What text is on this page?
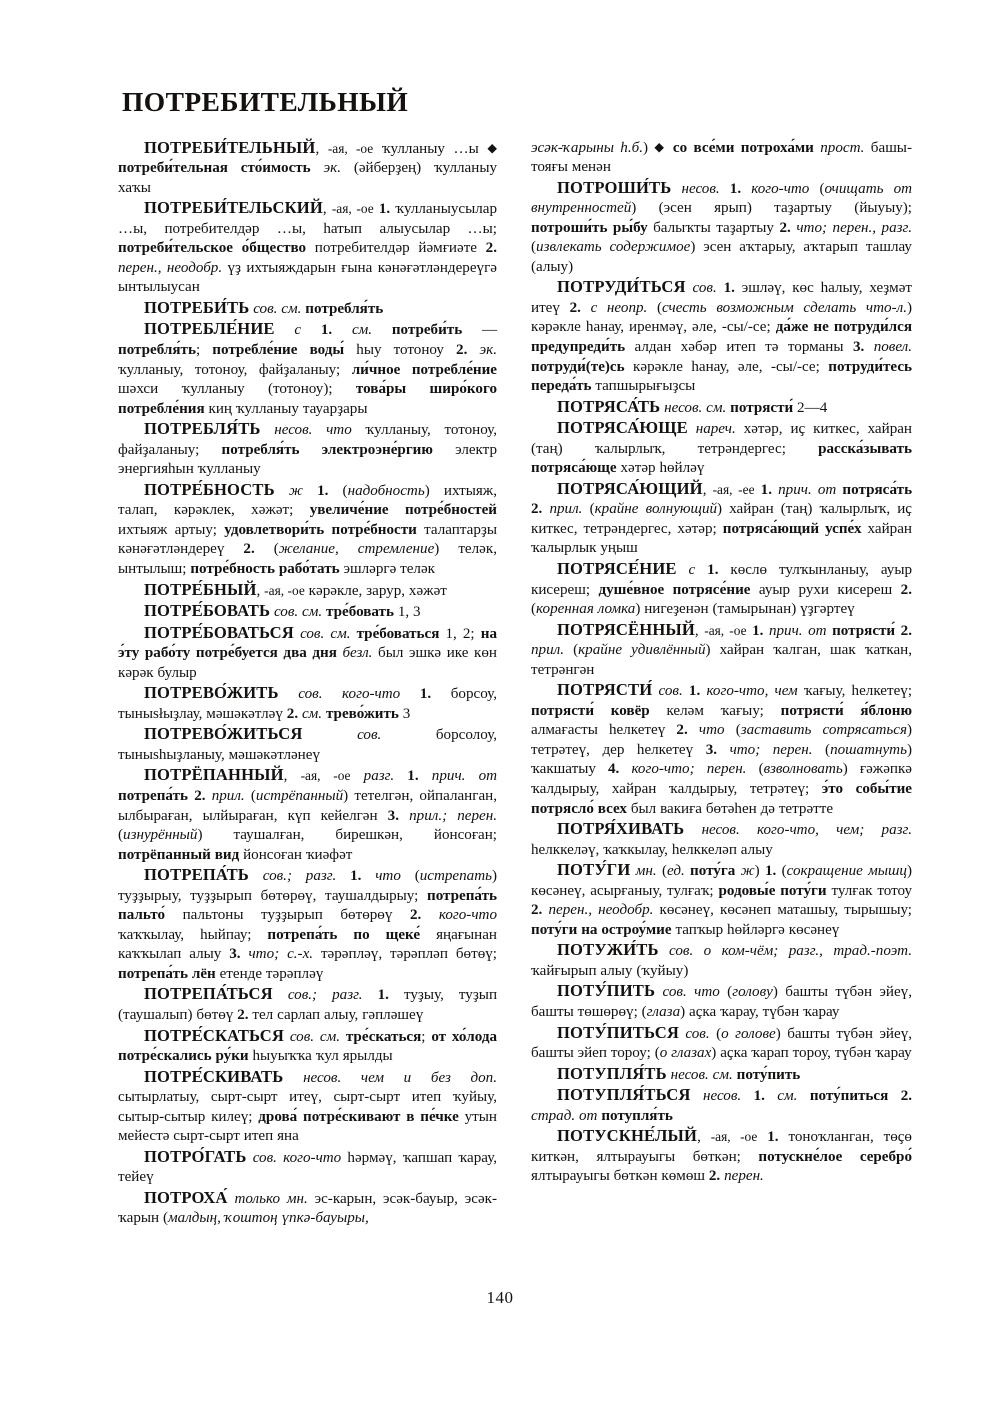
ПОТРЕБИТЕЛЬНЫЙ

ПОТРЕБИ́ТЕЛЬНЫЙ, -ая, -ое ҡулланыу …ы ◆ потреби́тельная сто́имость эк. (әйберҙең) ҡулланыу хаҡы

ПОТРЕБИ́ТЕЛЬСКИЙ, -ая, -ое 1. ҡулланыусылар …ы, потребителдәр …ы, һатып алыусылар …ы; потреби́тельское о́бщество потребителдәр йәмғиәте 2. перен., неодобр. үҙ ихтыяждарын ғына кәнәғәтләндереүгә ынтылыусан

ПОТРЕБИ́ТЬ сов. см. потребля́ть

ПОТРЕБЛЕ́НИЕ с 1. см. потреби́ть — потребля́ть; потребле́ние воды́ һыу тотоноу 2. эк. ҡулланыу, тотоноу, файҙаланыу; ли́чное потребле́ние шәхси ҡулланыу (тотоноу); това́ры широ́кого потребле́ния киң ҡулланыу тауарҙары

ПОТРЕБЛЯ́ТЬ несов. что ҡулланыу, тотоноу, файҙаланыу; потребля́ть электроэне́ргию электр энергияһын ҡулланыу

ПОТРЕ́БНОСТЬ ж 1. (надобность) ихтыяж, талап, кәрәклек, хәжәт; увеличе́ние потре́бностей ихтыяж артыу; удовлетвори́ть потре́бности талаптарҙы кәнәғәтләндереү 2. (желание, стремление) теләк, ынтылыш; потре́бность рабо́тать эшләргә теләк

ПОТРЕ́БНЫЙ, -ая, -ое кәрәкле, зарур, хәжәт

ПОТРЕ́БОВАТЬ сов. см. тре́бовать 1, 3

ПОТРЕ́БОВАТЬСЯ сов. см. тре́боваться 1, 2; на э́ту рабо́ту потре́буется два дня безл. был эшкә ике көн кәрәк булыр

ПОТРЕВО́ЖИТЬ сов. кого-что 1. борсоу, тыныsłыҙлау, мәшәкәтләү 2. см. трево́жить 3

ПОТРЕВО́ЖИТЬСЯ	сов. борсолоу, тыныshыҙланыу, мәшәкәтләнеү

ПОТРЁПАННЫЙ, -ая, -ое разг. 1. прич. от потрепа́ть 2. прил. (истрёпанный) тетелгән, ойпаланган, ылбыраған, ылйыраған, күп кейелгән 3. прил.; перен. (изнурённый) таушалған, бирешкән, йонсоған; потрёпанный вид йонсоған ҡиәфәт

ПОТРЕПА́ТЬ сов.; разг. 1. что (истрепать) туҙҙырыу, туҙҙырып бөтөрөү, таушалдырыу; потрепа́ть пальто́ пальтоны туҙҙырып бөтөрөү 2. кого-что ҡаҡҡылау, һыйпау; потрепа́ть по щеке́ яңағынан каҡҡылап алыу 3. что; с.-х. тәрәпләү, тәрәпләп бөтөү; потрепа́ть лён етенде тәрәпләү

ПОТРЕПА́ТЬСЯ сов.; разг. 1. туҙыу, туҙып (таушалып) бөтөү 2. тел сарлап алыу, гәпләшеү

ПОТРЕ́СКАТЬСЯ сов. см. тре́скаться; от хо́лода потре́скались ру́ки һыуыҡҡа ҡул ярылды

ПОТРЕ́СКИВАТЬ несов. чем и без доп. сытырлатыу, сырт-сырт итеү, сырт-сырт итеп ҡуйыу, сытыр-сытыр килеү; дрова́ потре́скивают в пе́чке утын мейестә сырт-сырт итеп яна

ПОТРО́ГАТЬ сов. кого-что һәрмәү, ҡапшап ҡарау, тейеү

ПОТРОХА́ только мн. эс-карын, эсәк-бауыр, эсәк-ҡарын (малдың, ҡоштоң үпкә-бауыры,

эсәк-ҡарыны һ.б.) ◆ со все́ми потроха́ми прост. башы-тояғы менән

ПОТРОШИ́ТЬ несов. 1. кого-что (очищать от внутренностей) (эсен ярып) таҙартыу (йыуыу); потроши́ть ры́бу балыҡты таҙартыу 2. что; перен., разг. (извлекать содержимое) эсен аҡтарыу, аҡтарып ташлау (алыу)

ПОТРУДИ́ТЬСЯ сов. 1. эшләү, көс һалыу, хеҙмәт итеү 2. с неопр. (счесть возможным сделать что-л.) кәрәкле һанау, иренмәү, әле, -сы/-се; да́же не потруди́лся предупреди́ть алдан хәбәр итеп тә торманы 3. повел. потруди́(те)сь кәрәкле һанау, әле, -сы/-се; потруди́тесь переда́ть тапшырығыҙсы

ПОТРЯСА́ТЬ несов. см. потрясти́ 2—4

ПОТРЯСА́ЮЩЕ нареч. хәтәр, иҫ киткес, хайран (таң) ҡалырлыҡ, тетрәндергес; расска́зывать потряса́юще хәтәр һөйләү

ПОТРЯСА́ЮЩИЙ, -ая, -ее 1. прич. от потряса́ть 2. прил. (крайне волнующий) хайран (таң) ҡалырлыҡ, иҫ киткес, тетрәндергес, хәтәр; потряса́ющий успе́х хайран ҡалырлык уңыш

ПОТРЯСЕ́НИЕ с 1. көслө тулҡынланыу, ауыр кисереш; душе́вное потрясе́ние ауыр рухи кисереш 2. (коренная ломка) нигеҙенән (тамырынан) үҙгәртеү

ПОТРЯСЁННЫЙ, -ая, -ое 1. прич. от потрясти́ 2. прил. (крайне удивлённый) хайран ҡалган, шак ҡаткан, тетрәнгән

ПОТРЯСТИ́ сов. 1. кого-что, чем ҡағыу, һелкетеү; потрясти́ ковёр келәм ҡағыу; потрясти́ я́блоню алмағасты һелкетеү 2. что (заставить сотрясаться) тетрәтеү, дер һелкетеү 3. что; перен. (пошатнуть) ҡакшатыу 4. кого-что; перен. (взволновать) ғәжәпкә ҡалдырыу, хайран ҡалдырыу, тетрәтеү; э́то собы́тие потрясло́ всех был вакиға бөтәһен дә тетрәтте

ПОТРЯ́ХИВАТЬ несов. кого-что, чем; разг. һелккеләү, ҡаҡкылау, һелккеләп алыу

ПОТУ́ГИ мн. (ед. поту́га ж) 1. (сокращение мышц) көсәнеү, асырғаныу, тулғаҡ; родовы́е поту́ги тулғак тотоу 2. перен., неодобр. көсәнеү, көсәнеп маташыу, тырышыу; поту́ги на остроу́мие тапҡыр һөйләргә көсәнеү

ПОТУЖИ́ТЬ сов. о ком-чём; разг., трад.-поэт. ҡайғырып алыу (ҡуйыу)

ПОТУ́ПИТЬ сов. что (голову) башты түбән эйеү, башты төшөрөү; (глаза) аҫка ҡарау, түбән ҡарау

ПОТУ́ПИТЬСЯ сов. (о голове) башты түбән эйеү, башты эйеп тороу; (о глазах) аҫка ҡарап тороу, түбән ҡарау

ПОТУПЛЯ́ТЬ несов. см. поту́пить

ПОТУПЛЯ́ТЬСЯ несов. 1. см. поту́питься 2. страд. от потупля́ть

ПОТУСКНЕ́ЛЫЙ, -ая, -ое 1. тоноҡланган, төҫө киткән, ялтырауыгы бөткән; потускне́лое серебро́ ялтырауыгы бөткән көмөш 2. перен.

140
